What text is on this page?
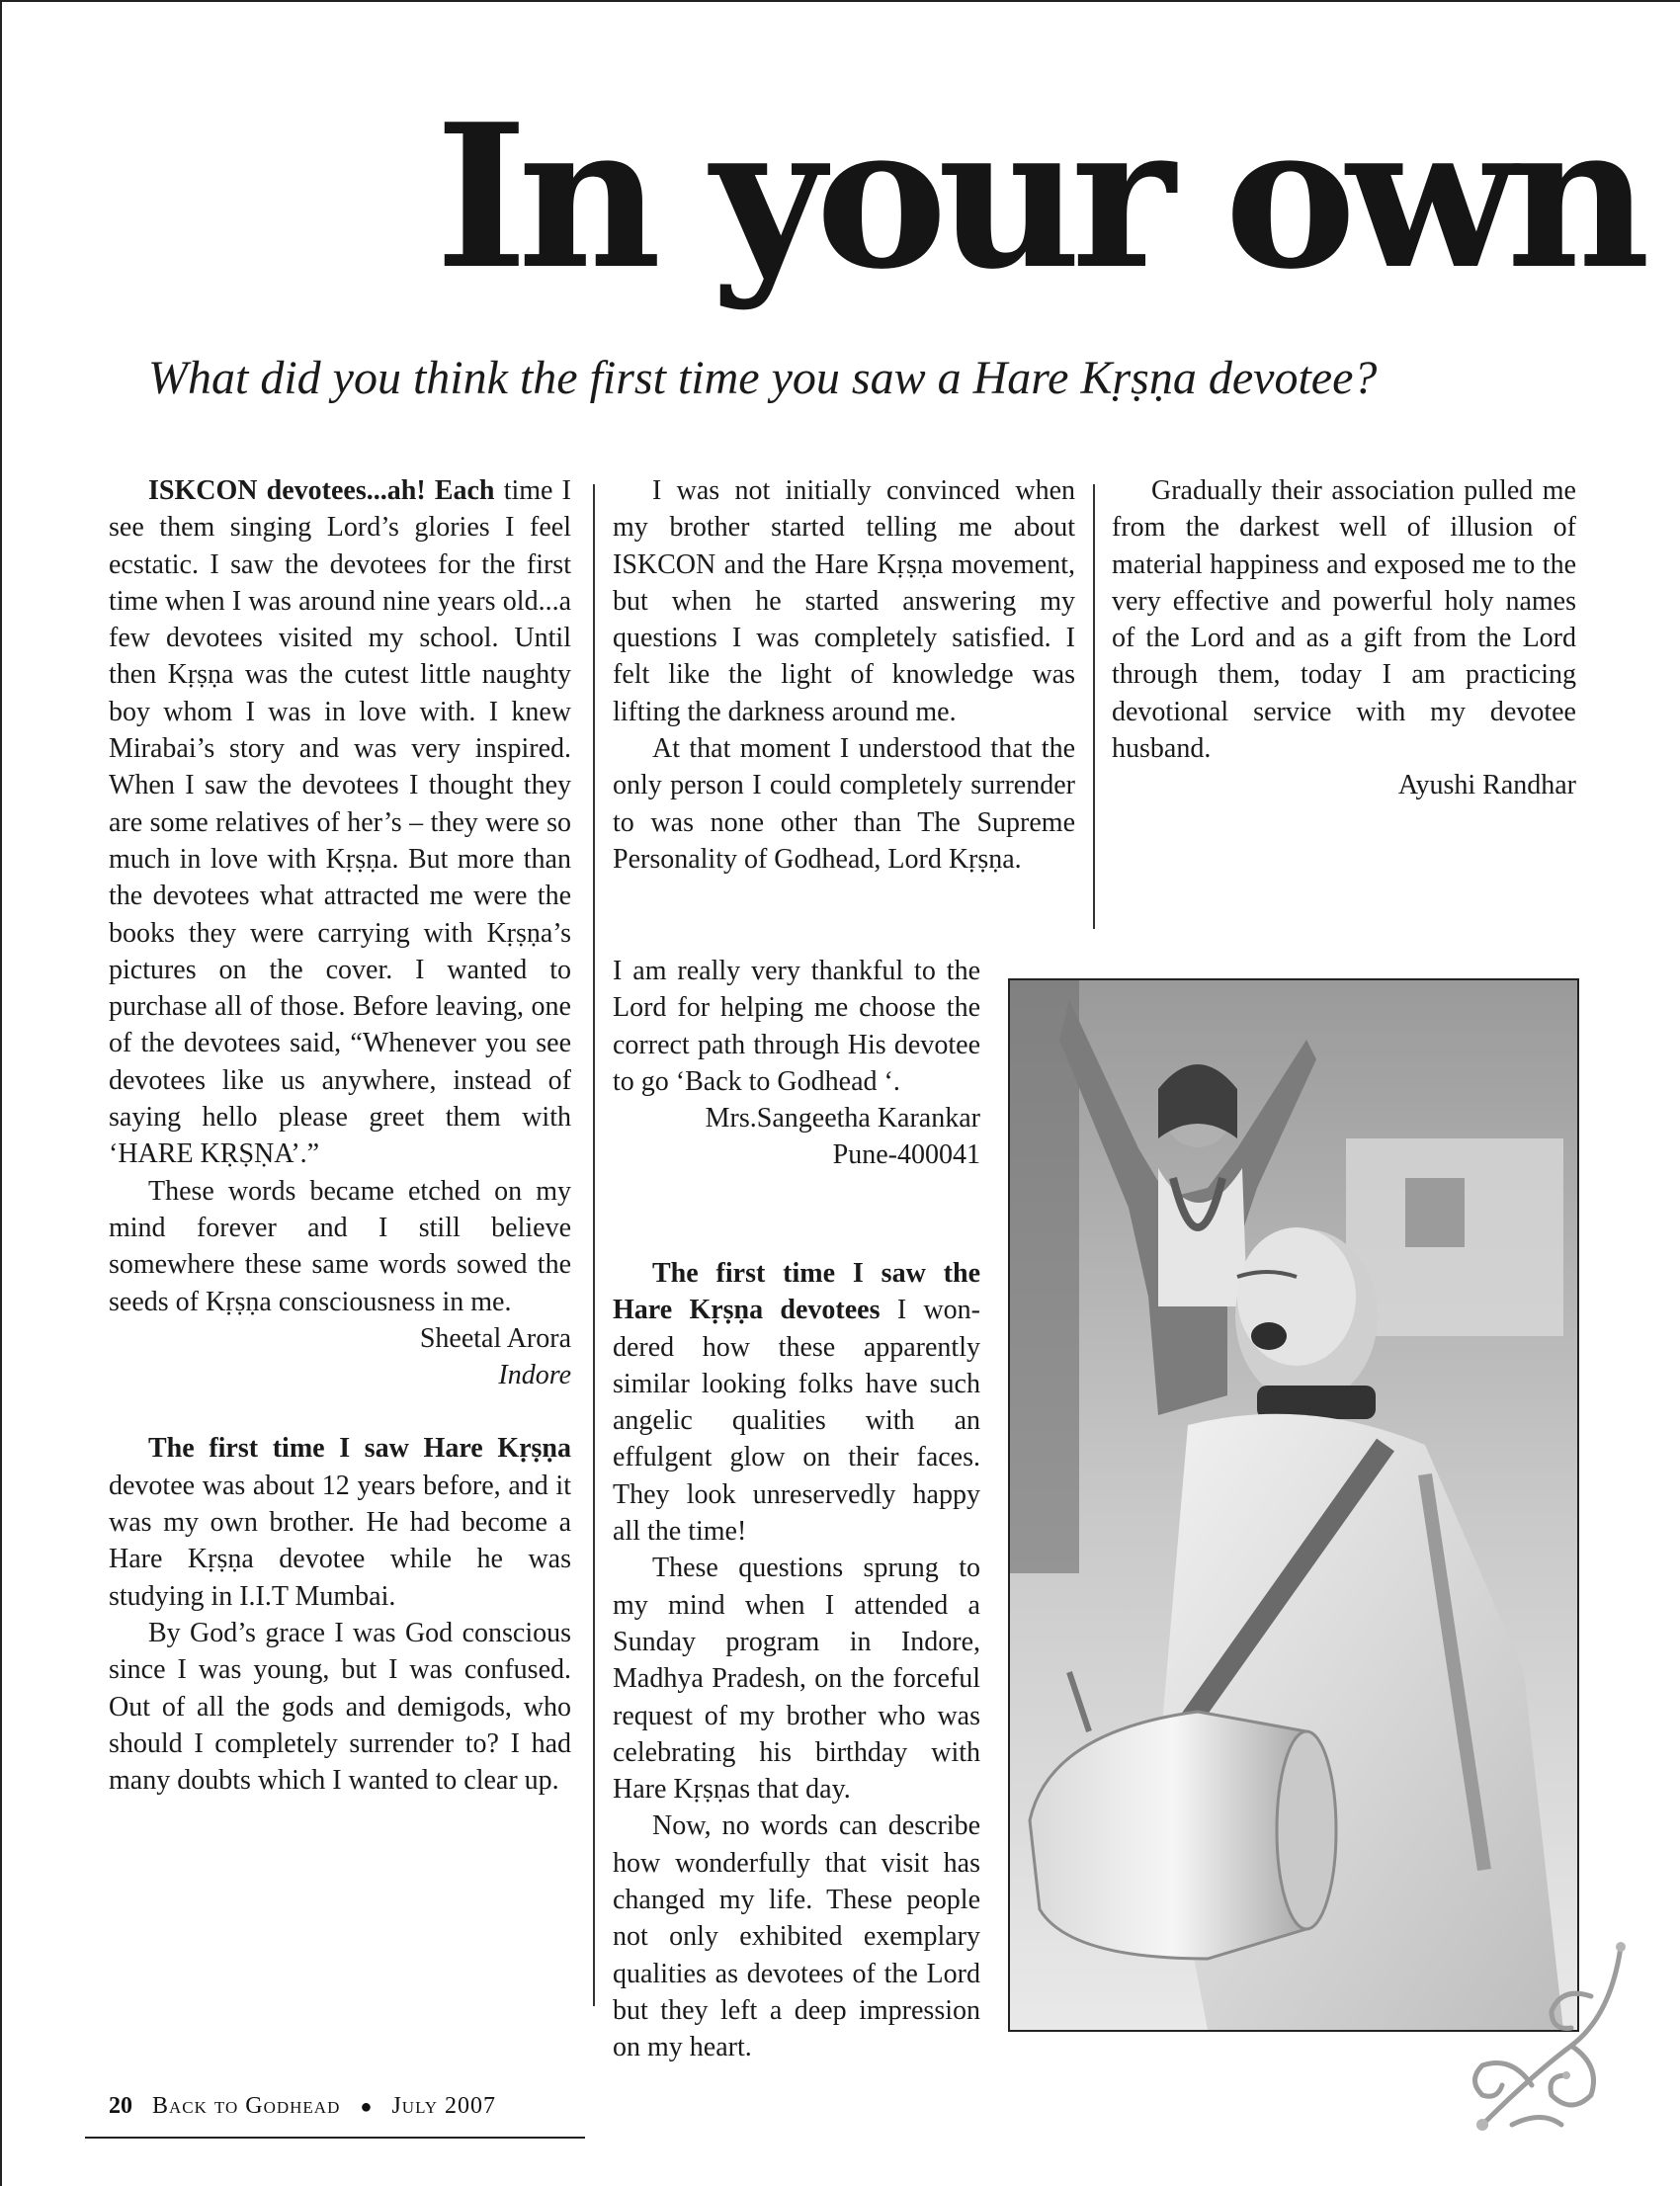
In your own

What did you think the first time you saw a Hare Kṛṣṇa devotee?

ISKCON devotees...ah! Each time I see them singing Lord’s glories I feel ecstatic. I saw the devotees for the first time when I was around nine years old...a few devotees visited my school. Until then Kṛṣṇa was the cutest little naughty boy whom I was in love with. I knew Mirabai’s story and was very inspired. When I saw the devotees I thought they are some relatives of her’s – they were so much in love with Kṛṣṇa. But more than the devotees what attracted me were the books they were carrying with Kṛṣṇa’s pictures on the cover. I wanted to purchase all of those. Before leaving, one of the devotees said, “Whenever you see devotees like us anywhere, instead of saying hello please greet them with ‘HARE KṚṢṆA’.”

These words became etched on my mind forever and I still believe somewhere these same words sowed the seeds of Kṛṣṇa consciousness in me.

Sheetal Arora

Indore

The first time I saw Hare Kṛṣṇa devotee was about 12 years before, and it was my own brother. He had become a Hare Kṛṣṇa devotee while he was studying in I.I.T Mumbai.

By God’s grace I was God conscious since I was young, but I was confused. Out of all the gods and demigods, who should I completely surrender to? I had many doubts which I wanted to clear up.

I was not initially convinced when my brother started telling me about ISKCON and the Hare Kṛṣṇa movement, but when he started answering my questions I was completely satisfied. I felt like the light of knowledge was lifting the darkness around me.

At that moment I understood that the only person I could completely surrender to was none other than The Supreme Personality of Godhead, Lord Kṛṣṇa.

I am really very thankful to the Lord for helping me choose the correct path through His devotee to go ‘Back to Godhead ‘.

Mrs.Sangeetha Karankar

Pune-400041

The first time I saw the Hare Kṛṣṇa devotees I wondered how these apparently similar looking folks have such angelic qualities with an effulgent glow on their faces. They look unreservedly happy all the time!

These questions sprung to my mind when I attended a Sunday program in Indore, Madhya Pradesh, on the forceful request of my brother who was celebrating his birthday with Hare Kṛṣṇas that day.

Now, no words can describe how wonderfully that visit has changed my life. These people not only exhibited exemplary qualities as devotees of the Lord but they left a deep impression on my heart.

Gradually their association pulled me from the darkest well of illusion of material happiness and exposed me to the very effective and powerful holy names of the Lord and as a gift from the Lord through them, today I am practicing devotional service with my devotee husband.

Ayushi Randhar

20 Back to Godhead ● July 2007
